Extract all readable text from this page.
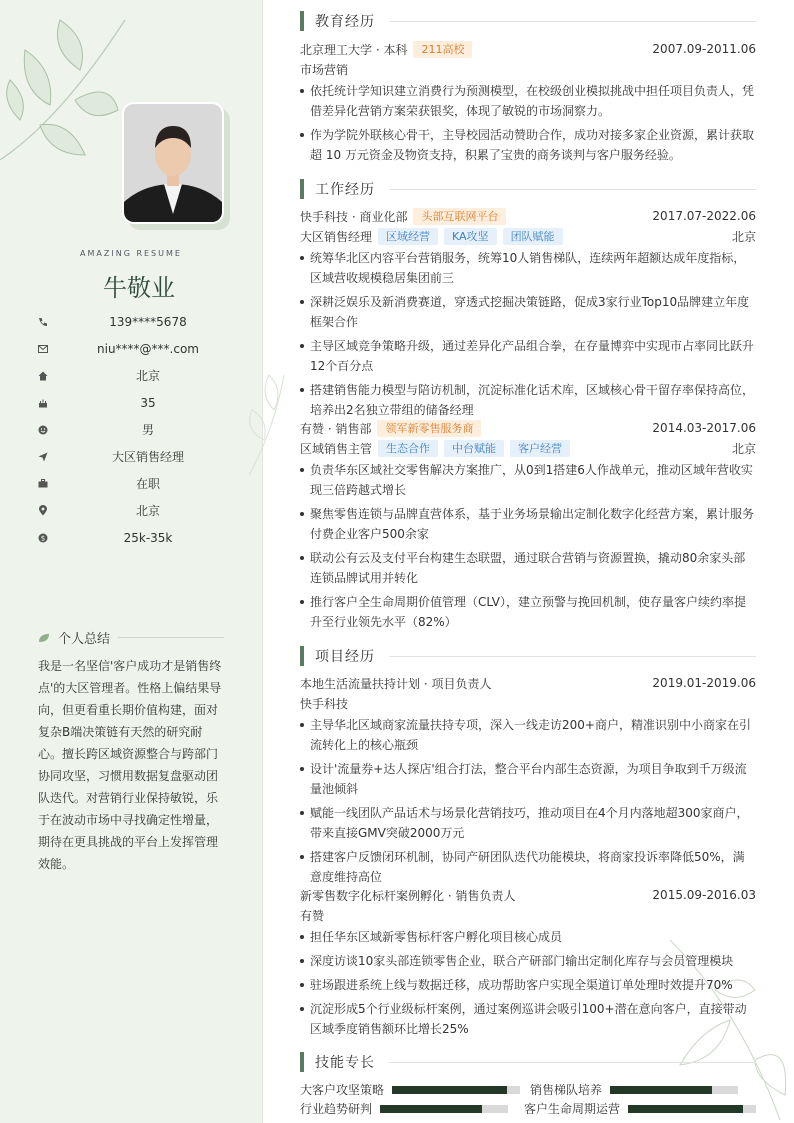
AMAZING RESUME
牛敬业
139****5678
niu****@***.com
北京
35
男
大区销售经理
在职
北京
$	25k-35k
个人总结
我是一名坚信'客户成功才是销售终点'的大区管理者。性格上偏结果导向，但更看重长期价值构建，面对复杂B端决策链有天然的研究耐心。擅长跨区域资源整合与跨部门协同攻坚，习惯用数据复盘驱动团队迭代。对营销行业保持敏锐，乐于在波动市场中寻找确定性增量，期待在更具挑战的平台上发挥管理效能。
教育经历
北京理工大学 · 本科	211高校	2007.09-2011.06
市场营销
依托统计学知识建立消费行为预测模型，在校级创业模拟挑战中担任项目负责人，凭借差异化营销方案荣获银奖，体现了敏锐的市场洞察力。
作为学院外联核心骨干，主导校园活动赞助合作，成功对接多家企业资源，累计获取超 10 万元资金及物资支持，积累了宝贵的商务谈判与客户服务经验。
工作经历
快手科技 · 商业化部	头部互联网平台	2017.07-2022.06
大区销售经理	区域经营	KA攻坚	团队赋能	北京
统筹华北区内容平台营销服务，统筹10人销售梯队，连续两年超额达成年度指标，区域营收规模稳居集团前三
深耕泛娱乐及新消费赛道，穿透式挖掘决策链路，促成3家行业Top10品牌建立年度框架合作
主导区域竞争策略升级，通过差异化产品组合拳，在存量博弈中实现市占率同比跃升12个百分点
搭建销售能力模型与陪访机制，沉淀标准化话术库，区域核心骨干留存率保持高位，培养出2名独立带组的储备经理
有赞 · 销售部	领军新零售服务商	2014.03-2017.06
区域销售主管	生态合作	中台赋能	客户经营	北京
负责华东区域社交零售解决方案推广，从0到1搭建6人作战单元，推动区域年营收实现三倍跨越式增长
聚焦零售连锁与品牌直营体系，基于业务场景输出定制化数字化经营方案，累计服务付费企业客户500余家
联动公有云及支付平台构建生态联盟，通过联合营销与资源置换，撬动80余家头部连锁品牌试用并转化
推行客户全生命周期价值管理（CLV），建立预警与挽回机制，使存量客户续约率提升至行业领先水平（82%）
项目经历
本地生活流量扶持计划 · 项目负责人	2019.01-2019.06
快手科技
主导华北区域商家流量扶持专项，深入一线走访200+商户，精准识别中小商家在引流转化上的核心瓶颈
设计'流量券+达人探店'组合打法，整合平台内部生态资源，为项目争取到千万级流量池倾斜
赋能一线团队产品话术与场景化营销技巧，推动项目在4个月内落地超300家商户，带来直接GMV突破2000万元
搭建客户反馈闭环机制，协同产研团队迭代功能模块，将商家投诉率降低50%，满意度维持高位
新零售数字化标杆案例孵化 · 销售负责人	2015.09-2016.03
有赞
担任华东区域新零售标杆客户孵化项目核心成员
深度访谈10家头部连锁零售企业，联合产研部门输出定制化库存与会员管理模块
驻场跟进系统上线与数据迁移，成功帮助客户实现全渠道订单处理时效提升70%
沉淀形成5个行业级标杆案例，通过案例巡讲会吸引100+潜在意向客户，直接带动区域季度销售额环比增长25%
技能专长
大客户攻坚策略	销售梯队培养
行业趋势研判	客户生命周期运营
